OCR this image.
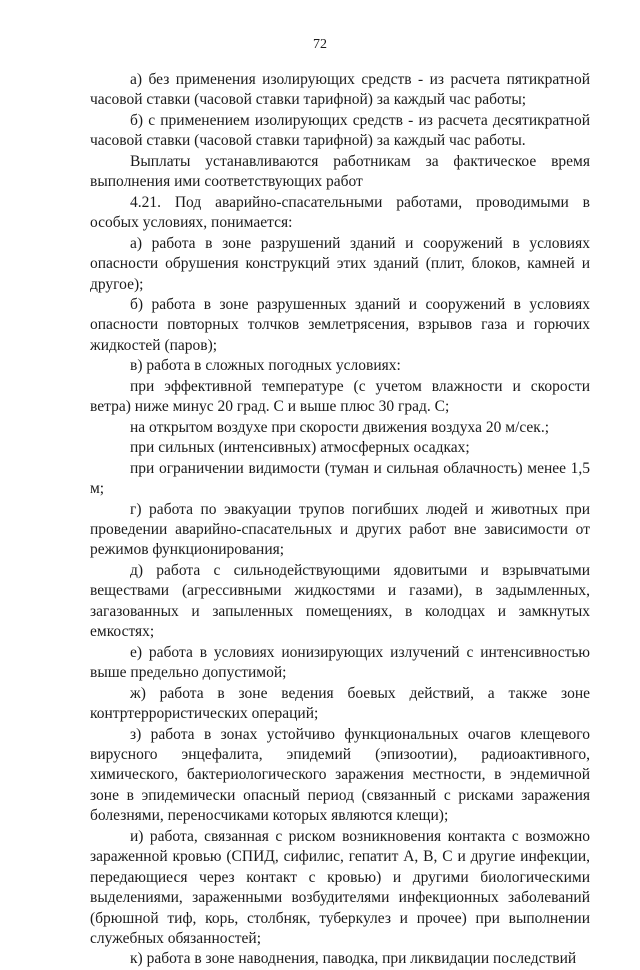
72

а) без применения изолирующих средств - из расчета пятикратной часовой ставки (часовой ставки тарифной) за каждый час работы;

б) с применением изолирующих средств - из расчета десятикратной часовой ставки (часовой ставки тарифной) за каждый час работы.

Выплаты устанавливаются работникам за фактическое время выполнения ими соответствующих работ

4.21. Под аварийно-спасательными работами, проводимыми в особых условиях, понимается:

а) работа в зоне разрушений зданий и сооружений в условиях опасности обрушения конструкций этих зданий (плит, блоков, камней и другое);

б) работа в зоне разрушенных зданий и сооружений в условиях опасности повторных толчков землетрясения, взрывов газа и горючих жидкостей (паров);

в) работа в сложных погодных условиях:

при эффективной температуре (с учетом влажности и скорости ветра) ниже минус 20 град. С и выше плюс 30 град. С;

на открытом воздухе при скорости движения воздуха 20 м/сек.;

при сильных (интенсивных) атмосферных осадках;

при ограничении видимости (туман и сильная облачность) менее 1,5 м;

г) работа по эвакуации трупов погибших людей и животных при проведении аварийно-спасательных и других работ вне зависимости от режимов функционирования;

д) работа с сильнодействующими ядовитыми и взрывчатыми веществами (агрессивными жидкостями и газами), в задымленных, загазованных и запыленных помещениях, в колодцах и замкнутых емкостях;

е) работа в условиях ионизирующих излучений с интенсивностью выше предельно допустимой;

ж) работа в зоне ведения боевых действий, а также зоне контртеррористических операций;

з) работа в зонах устойчиво функциональных очагов клещевого вирусного энцефалита, эпидемий (эпизоотии), радиоактивного, химического, бактериологического заражения местности, в эндемичной зоне в эпидемически опасный период (связанный с рисками заражения болезнями, переносчиками которых являются клещи);

и) работа, связанная с риском возникновения контакта с возможно зараженной кровью (СПИД, сифилис, гепатит А, В, С и другие инфекции, передающиеся через контакт с кровью) и другими биологическими выделениями, зараженными возбудителями инфекционных заболеваний (брюшной тиф, корь, столбняк, туберкулез и прочее) при выполнении служебных обязанностей;

к) работа в зоне наводнения, паводка, при ликвидации последствий
